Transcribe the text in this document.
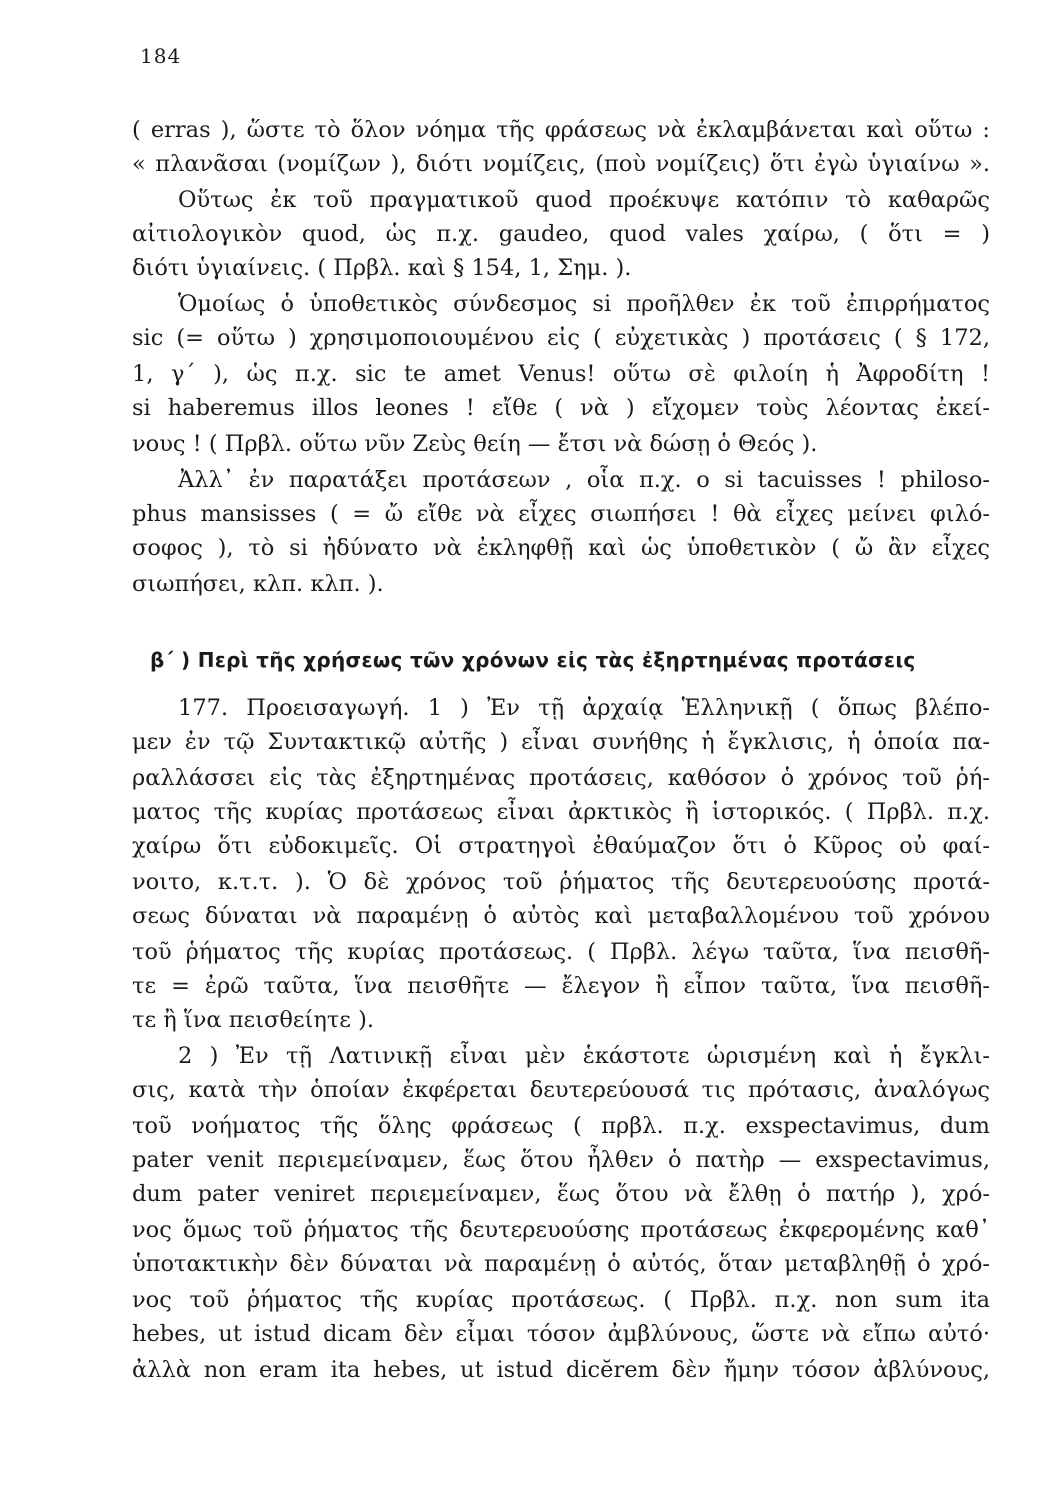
184
( erras ), ὥστε τὸ ὅλον νόημα τῆς φράσεως νὰ ἐκλαμβάνεται καὶ οὕτω :
« πλανᾶσαι (νομίζων ), διότι νομίζεις, (ποὺ νομίζεις) ὅτι ἐγὼ ὑγιαίνω ».
Οὕτως ἐκ τοῦ πραγματικοῦ quod προέκυψε κατόπιν τὸ καθαρῶς
αἰτιολογικὸν quod, ὡς π.χ. gaudeo, quod vales χαίρω, ( ὅτι = )
διότι ὑγιαίνεις. ( Πρβλ. καὶ § 154, 1, Σημ. ).
Ὁμοίως ὁ ὑποθετικὸς σύνδεσμος si προῆλθεν ἐκ τοῦ ἐπιρρήματος
sic (= οὕτω ) χρησιμοποιουμένου εἰς ( εὐχετικὰς ) προτάσεις ( § 172,
1, γ΄ ), ὡς π.χ. sic te amet Venus! οὕτω σὲ φιλοίη ἡ Ἀφροδίτη !
si haberemus illos leones ! εἴθε ( νὰ ) εἴχομεν τοὺς λέοντας ἐκεί-
νους ! ( Πρβλ. οὕτω νῦν Ζεὺς θείη — ἔτσι νὰ δώσῃ ὁ Θεός ).
Ἀλλ᾽ ἐν παρατάξει προτάσεων , οἷα π.χ. o si tacuisses ! philoso-
phus mansisses ( = ὤ εἴθε νὰ εἶχες σιωπήσει ! θὰ εἶχες μείνει φιλό-
σοφος ), τὸ si ἠδύνατο νὰ ἐκληφθῇ καὶ ὡς ὑποθετικὸν ( ὤ ἂν εἶχες
σιωπήσει, κλπ. κλπ. ).
β΄ ) Περὶ τῆς χρήσεως τῶν χρόνων εἰς τὰς ἐξηρτημένας προτάσεις
177. Προεισαγωγή. 1 ) Ἐν τῇ ἀρχαίᾳ Ἑλληνικῇ ( ὅπως βλέπο-
μεν ἐν τῷ Συντακτικῷ αὐτῆς ) εἶναι συνήθης ἡ ἔγκλισις, ἡ ὁποία πα-
ραλλάσσει εἰς τὰς ἐξηρτημένας προτάσεις, καθόσον ὁ χρόνος τοῦ ῥή-
ματος τῆς κυρίας προτάσεως εἶναι ἀρκτικὸς ἢ ἱστορικός. ( Πρβλ. π.χ.
χαίρω ὅτι εὐδοκιμεῖς. Οἱ στρατηγοὶ ἐθαύμαζον ὅτι ὁ Κῦρος οὐ φαί-
νοιτο, κ.τ.τ. ). Ὁ δὲ χρόνος τοῦ ῥήματος τῆς δευτερευούσης προτά-
σεως δύναται νὰ παραμένῃ ὁ αὐτὸς καὶ μεταβαλλομένου τοῦ χρόνου
τοῦ ῥήματος τῆς κυρίας προτάσεως. ( Πρβλ. λέγω ταῦτα, ἵνα πεισθῆ-
τε = ἐρῶ ταῦτα, ἵνα πεισθῆτε — ἔλεγον ἢ εἶπον ταῦτα, ἵνα πεισθῆ-
τε ἢ ἵνα πεισθείητε ).
2 ) Ἐν τῇ Λατινικῇ εἶναι μὲν ἑκάστοτε ὡρισμένη καὶ ἡ ἔγκλι-
σις, κατὰ τὴν ὁποίαν ἐκφέρεται δευτερεύουσά τις πρότασις, ἀναλόγως
τοῦ νοήματος τῆς ὅλης φράσεως ( πρβλ. π.χ. exspectavimus, dum
pater venit περιεμείναμεν, ἕως ὅτου ἦλθεν ὁ πατὴρ — exspectavimus,
dum pater veniret περιεμείναμεν, ἕως ὅτου νὰ ἔλθῃ ὁ πατήρ ), χρό-
νος ὅμως τοῦ ῥήματος τῆς δευτερευούσης προτάσεως ἐκφερομένης καθ᾽
ὑποτακτικὴν δὲν δύναται νὰ παραμένῃ ὁ αὐτός, ὅταν μεταβληθῇ ὁ χρό-
νος τοῦ ῥήματος τῆς κυρίας προτάσεως. ( Πρβλ. π.χ. non sum ita
hebes, ut istud dicam δὲν εἶμαι τόσον ἀμβλύνους, ὥστε νὰ εἴπω αὐτό·
ἀλλὰ non eram ita hebes, ut istud dicĕrem δὲν ἤμην τόσον ἀβλύνους,
